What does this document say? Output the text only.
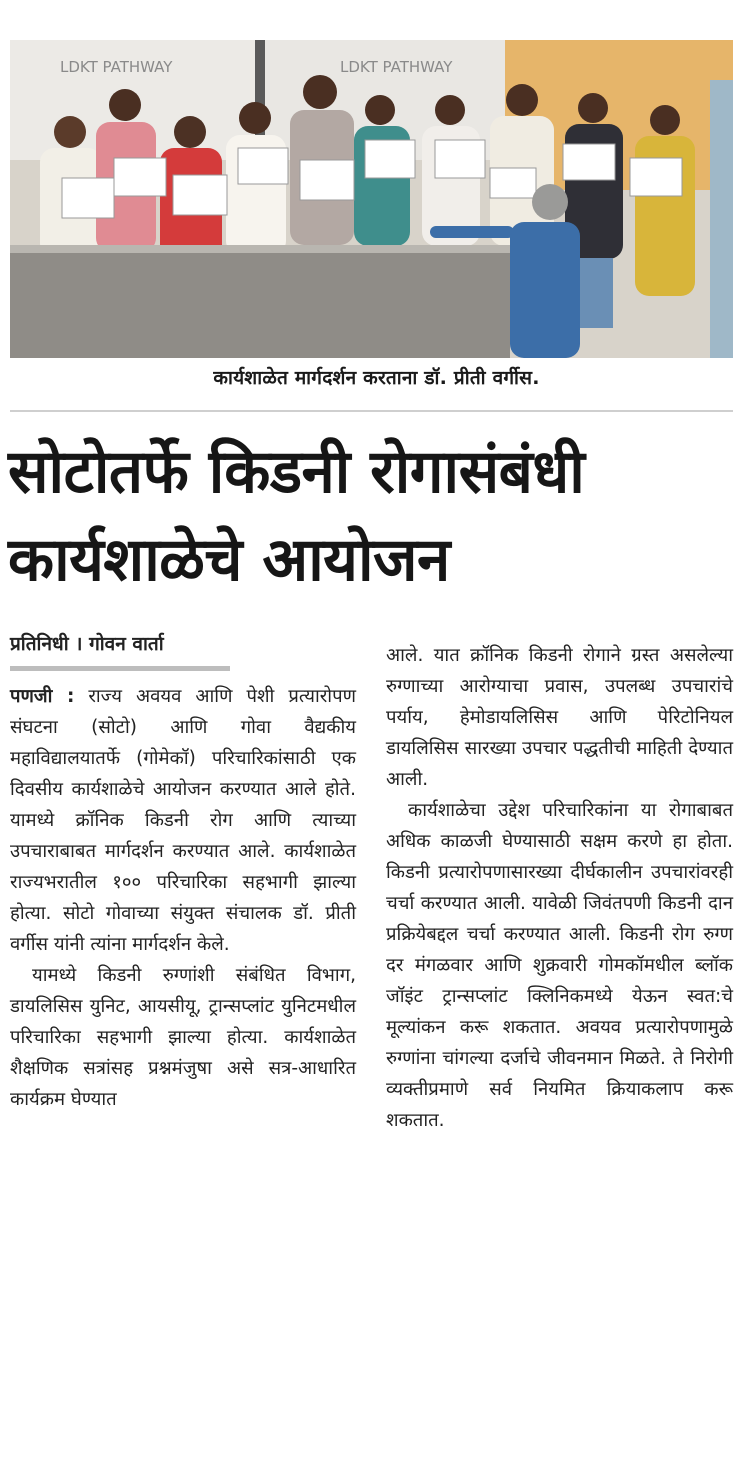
LDKT PATHWAY	LDKT PATHWAY
कार्यशाळेत मार्गदर्शन करताना डॉ. प्रीती वर्गीस.
सोटोतर्फे किडनी रोगासंबंधी
कार्यशाळेचे आयोजन
प्रतिनिधी । गोवन वार्ता

पणजी : राज्य अवयव आणि पेशी प्रत्यारोपण संघटना (सोटो) आणि गोवा वैद्यकीय महाविद्यालयातर्फे (गोमेकॉ) परिचारिकांसाठी एक दिवसीय कार्यशाळेचे आयोजन करण्यात आले होते. यामध्ये क्रॉनिक किडनी रोग आणि त्याच्या उपचाराबाबत मार्गदर्शन करण्यात आले. कार्यशाळेत राज्यभरातील १०० परिचारिका सहभागी झाल्या होत्या. सोटो गोवाच्या संयुक्त संचालक डॉ. प्रीती वर्गीस यांनी त्यांना मार्गदर्शन केले.

यामध्ये किडनी रुग्णांशी संबंधित विभाग, डायलिसिस युनिट, आयसीयू, ट्रान्सप्लांट युनिटमधील परिचारिका सहभागी झाल्या होत्या. कार्यशाळेत शैक्षणिक सत्रांसह प्रश्नमंजुषा असे सत्र-आधारित कार्यक्रम घेण्यात

आले. यात क्रॉनिक किडनी रोगाने ग्रस्त असलेल्या रुग्णाच्या आरोग्याचा प्रवास, उपलब्ध उपचारांचे पर्याय, हेमोडायलिसिस आणि पेरिटोनियल डायलिसिस सारख्या उपचार पद्धतीची माहिती देण्यात आली.

कार्यशाळेचा उद्देश परिचारिकांना या रोगाबाबत अधिक काळजी घेण्यासाठी सक्षम करणे हा होता. किडनी प्रत्यारोपणासारख्या दीर्घकालीन उपचारांवरही चर्चा करण्यात आली. यावेळी जिवंतपणी किडनी दान प्रक्रियेबद्दल चर्चा करण्यात आली. किडनी रोग रुग्ण दर मंगळवार आणि शुक्रवारी गोमकॉमधील ब्लॉक जॉइंट ट्रान्सप्लांट क्लिनिकमध्ये येऊन स्वत:चे मूल्यांकन करू शकतात. अवयव प्रत्यारोपणामुळे रुग्णांना चांगल्या दर्जाचे जीवनमान मिळते. ते निरोगी व्यक्तीप्रमाणे सर्व नियमित क्रियाकलाप करू शकतात.
